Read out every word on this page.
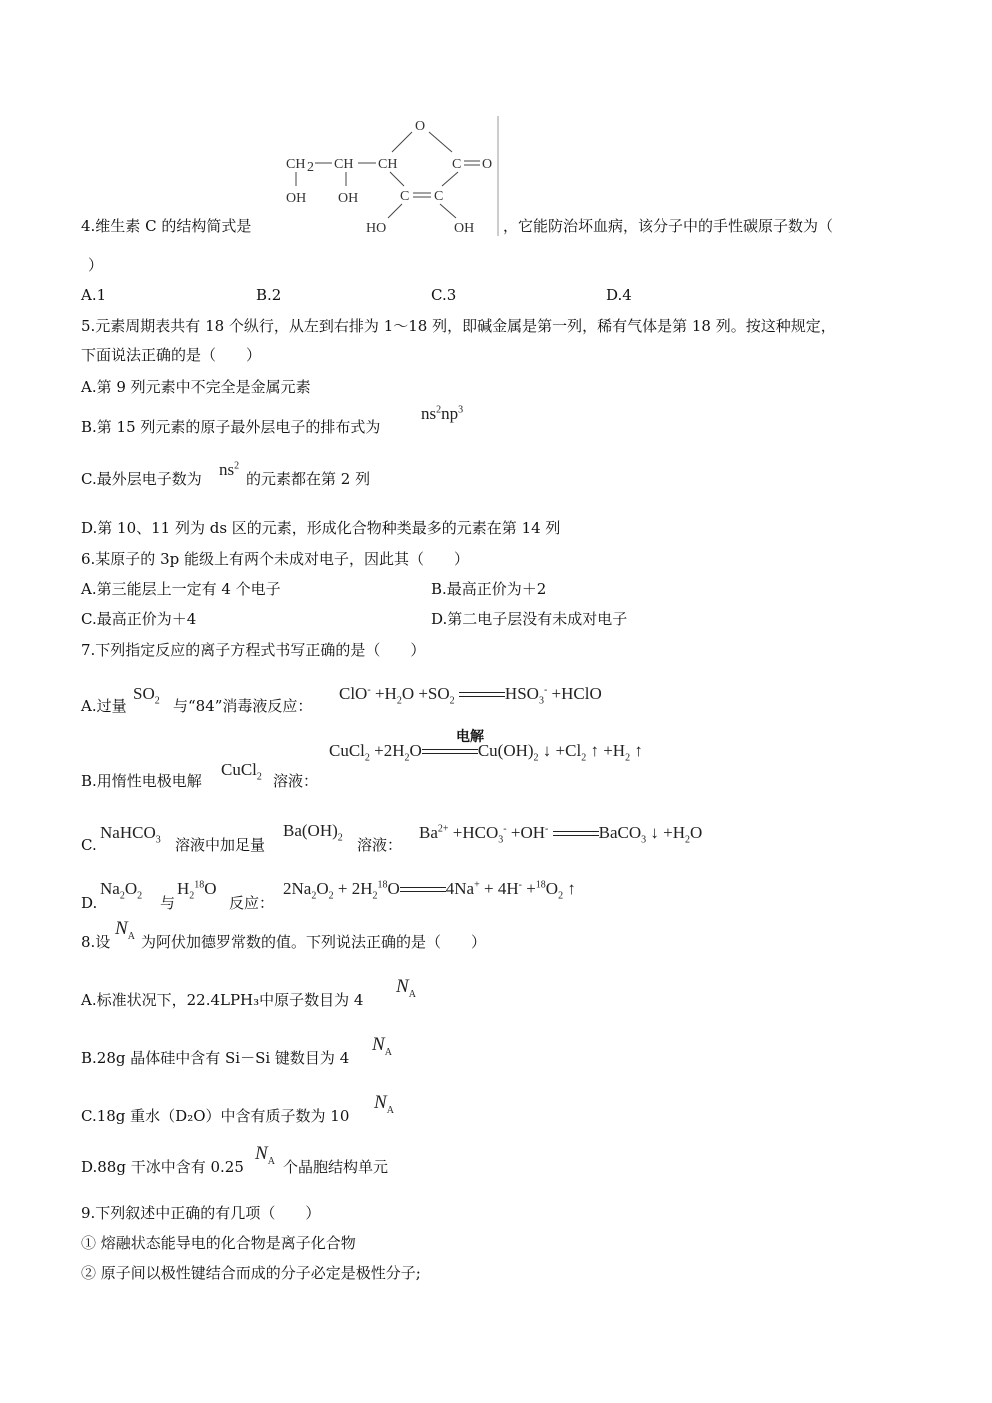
O
CH 2 CH CH	C O
OH OH	C C
HO	OH
4.维生素 C 的结构简式是	，它能防治坏血病，该分子中的手性碳原子数为（
）
A.1	B.2	C.3	D.4
5.元素周期表共有 18 个纵行，从左到右排为 1～18 列，即碱金属是第一列，稀有气体是第 18 列。按这种规定，
下面说法正确的是（　　）
A.第 9 列元素中不完全是金属元素
B.第 15 列元素的原子最外层电子的排布式为
$ns^2np^3$
C.最外层电子数为 $ns^2$
的元素都在第 2 列
D.第 10、11 列为 ds 区的元素，形成化合物种类最多的元素在第 14 列
6.某原子的 3p 能级上有两个未成对电子，因此其（　　）
A.第三能层上一定有 4 个电子	B.最高正价为＋2
C.最高正价为＋4	D.第二电子层没有未成对电子
7.下列指定反应的离子方程式书写正确的是（　　）
A.过量
$SO_2$ 与“84”消毒液反应：
$ClO^- +H_2O +SO_2$	$HSO_3^-$ +HClO
电解
CuCl$_2$ $+2H_2O$	$Cu(OH)_2$ ↓ $+Cl_2$ ↑ $+H_2$ ↑
B.用惰性电极电解
CuCl$_2$ 溶液：
C.
NaHCO$_3$ 溶液中加足量
$Ba(OH)_2$ 溶液：
$Ba^{2+} +HCO_3^- +OH^-$	BaCO$_3$ ↓ $+H_2O$
D.
$Na_2O_2$ 与
$H_2^{18}O$
反应：
$2Na_2O_2 + 2H_2^{18}O$	$4Na^+ + 4H^- +^{18}O_2$ ↑
8.设
$N_A$ 为阿伏加德罗常数的值。下列说法正确的是（　　）
A.标准状况下，22.4LPH₃中原子数目为 4
$N_A$
B.28g 晶体硅中含有 Si－Si 键数目为 4
$N_A$
C.18g 重水（D₂O）中含有质子数为 10
$N_A$
D.88g 干冰中含有 0.25
$N_A$ 个晶胞结构单元
9.下列叙述中正确的有几项（　　）
① 熔融状态能导电的化合物是离子化合物
② 原子间以极性键结合而成的分子必定是极性分子;
